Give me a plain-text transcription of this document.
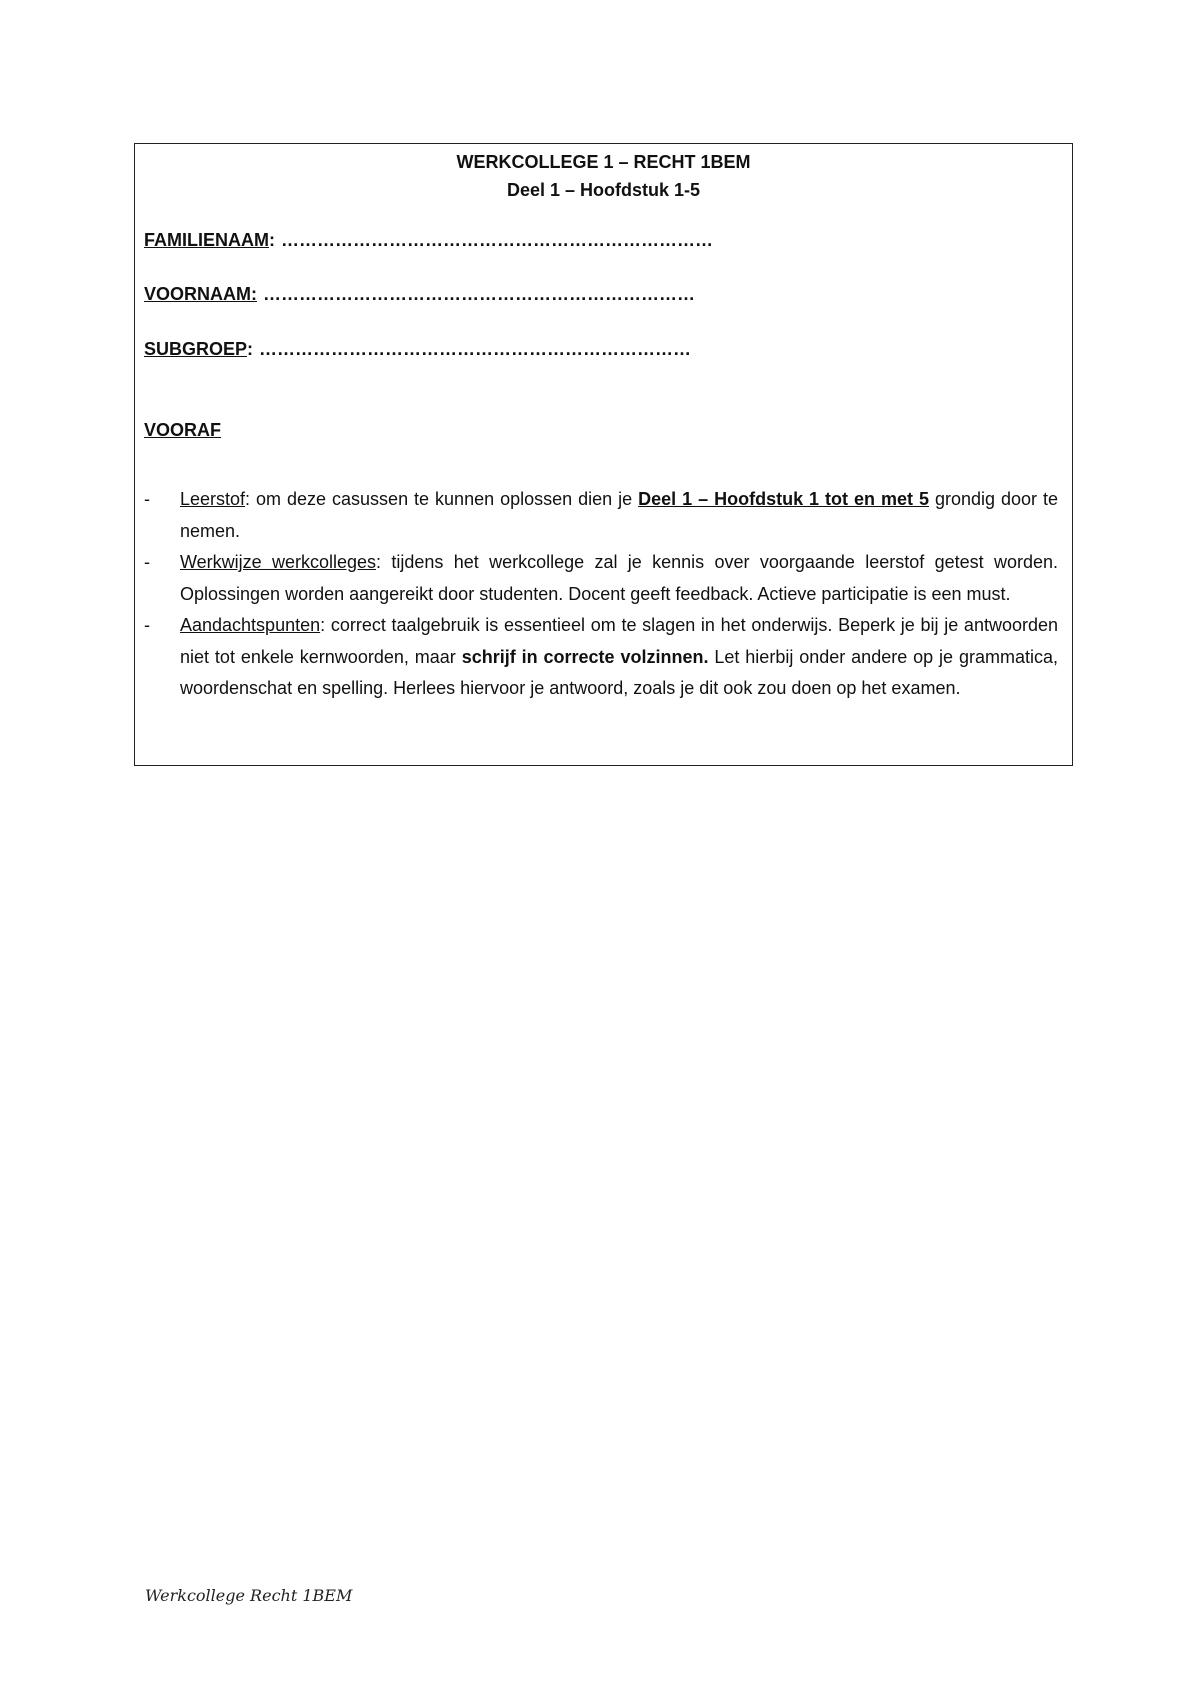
WERKCOLLEGE 1 – RECHT 1BEM
Deel 1 – Hoofdstuk 1-5
FAMILIENAAM: ………………………………………………………………
VOORNAAM: ………………………………………………………………
SUBGROEP: ………………………………………………………………
VOORAF
- Leerstof: om deze casussen te kunnen oplossen dien je Deel 1 – Hoofdstuk 1 tot en met 5 grondig door te nemen.
- Werkwijze werkcolleges: tijdens het werkcollege zal je kennis over voorgaande leerstof getest worden. Oplossingen worden aangereikt door studenten. Docent geeft feedback. Actieve participatie is een must.
- Aandachtspunten: correct taalgebruik is essentieel om te slagen in het onderwijs. Beperk je bij je antwoorden niet tot enkele kernwoorden, maar schrijf in correcte volzinnen. Let hierbij onder andere op je grammatica, woordenschat en spelling. Herlees hiervoor je antwoord, zoals je dit ook zou doen op het examen.
Werkcollege Recht 1BEM
